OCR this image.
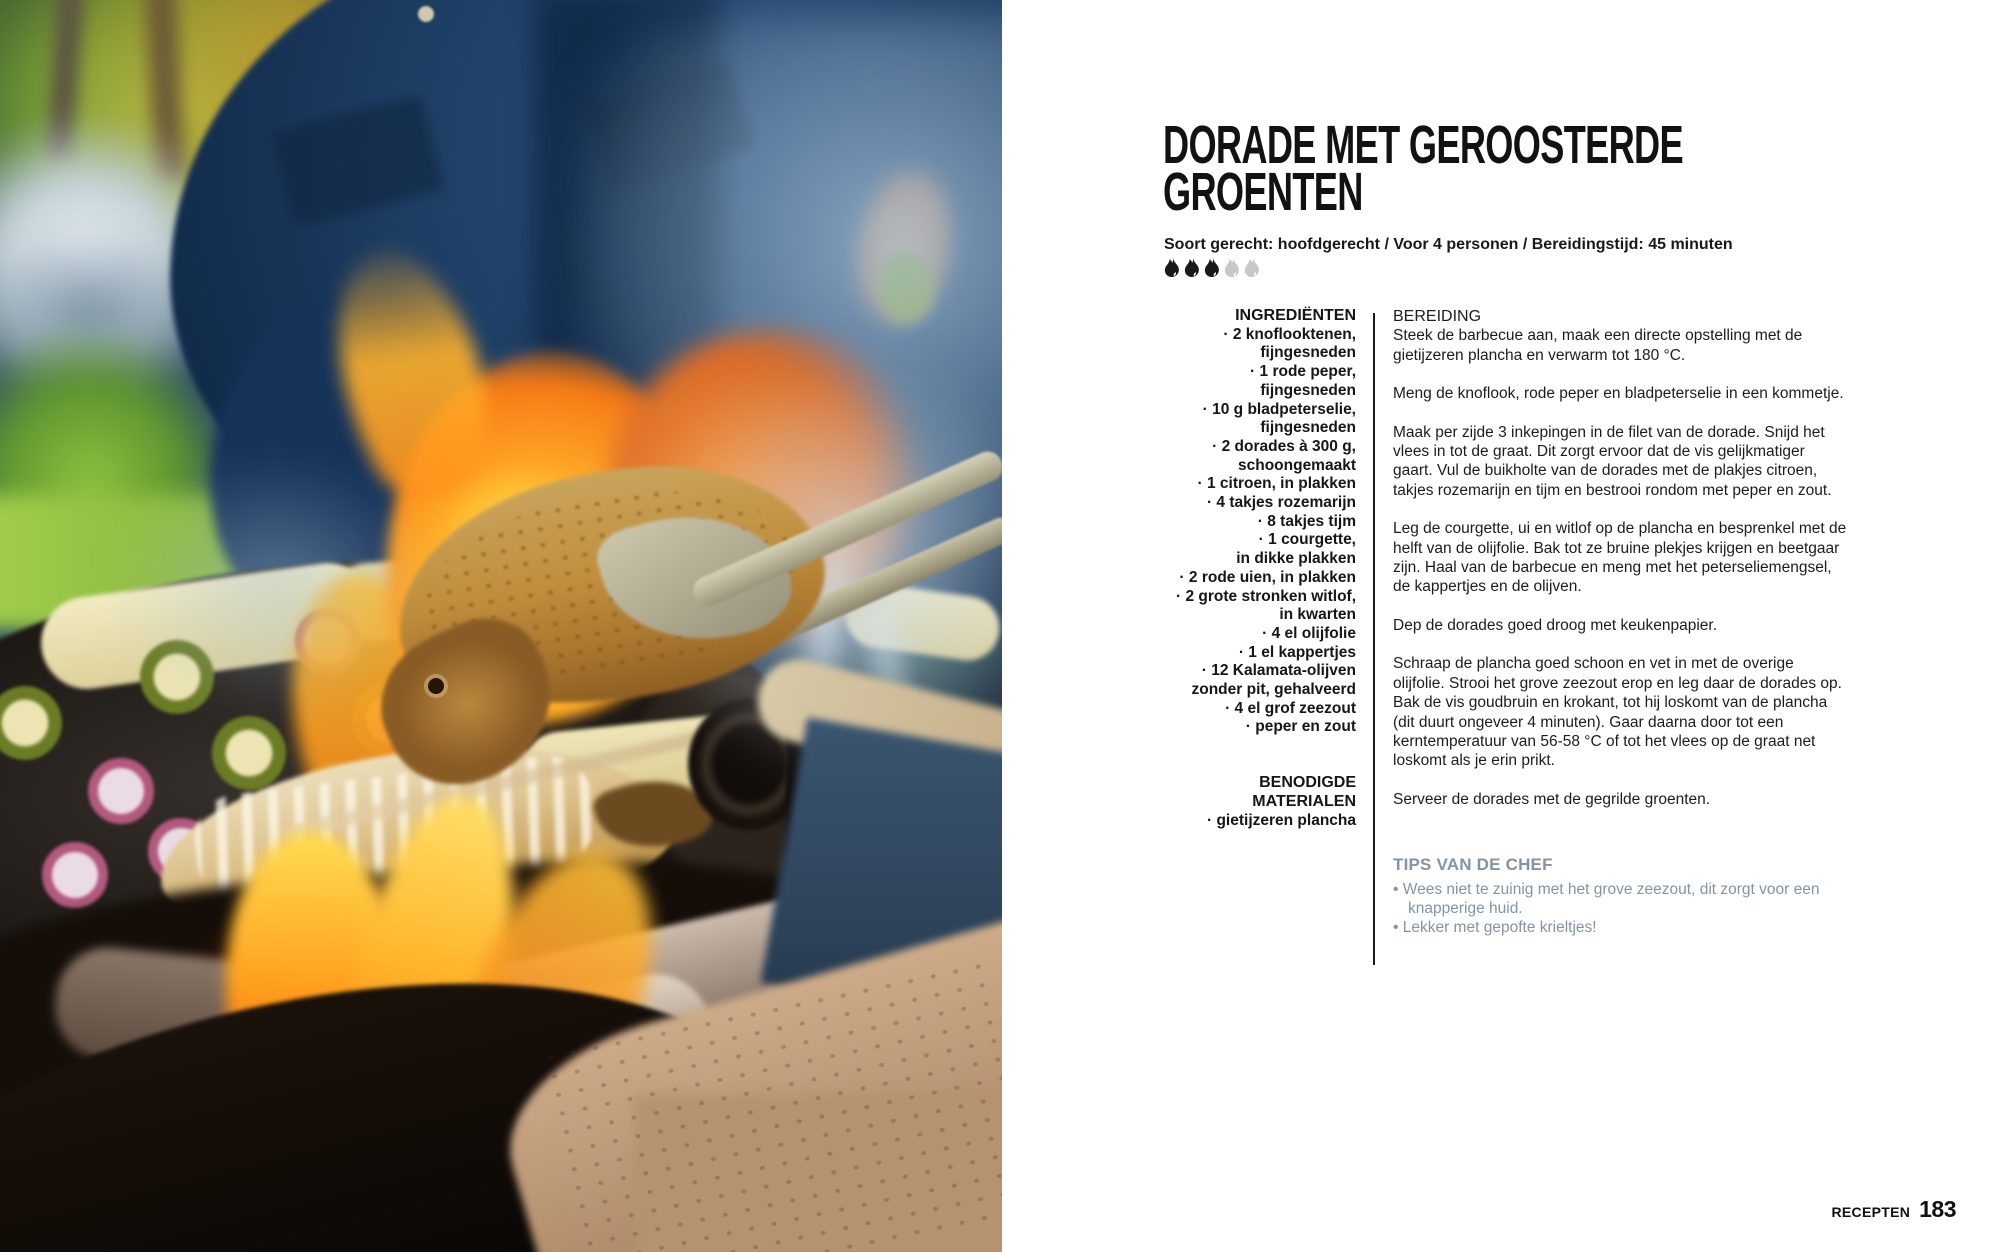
DORADE MET GEROOSTERDE
GROENTEN
Soort gerecht: hoofdgerecht / Voor 4 personen / Bereidingstijd: 45 minuten
INGREDIËNTEN
· 2 knoflooktenen,
fijngesneden
· 1 rode peper,
fijngesneden
· 10 g bladpeterselie,
fijngesneden
· 2 dorades à 300 g,
schoongemaakt
· 1 citroen, in plakken
· 4 takjes rozemarijn
· 8 takjes tijm
· 1 courgette,
in dikke plakken
· 2 rode uien, in plakken
· 2 grote stronken witlof,
in kwarten
· 4 el olijfolie
· 1 el kappertjes
· 12 Kalamata-olijven
zonder pit, gehalveerd
· 4 el grof zeezout
· peper en zout
BENODIGDE
MATERIALEN
· gietijzeren plancha
BEREIDING
Steek de barbecue aan, maak een directe opstelling met de gietijzeren plancha en verwarm tot 180 °C.
Meng de knoflook, rode peper en bladpeterselie in een kommetje.
Maak per zijde 3 inkepingen in de filet van de dorade. Snijd het vlees in tot de graat. Dit zorgt ervoor dat de vis gelijkmatiger gaart. Vul de buikholte van de dorades met de plakjes citroen, takjes rozemarijn en tijm en bestrooi rondom met peper en zout.
Leg de courgette, ui en witlof op de plancha en besprenkel met de helft van de olijfolie. Bak tot ze bruine plekjes krijgen en beetgaar zijn. Haal van de barbecue en meng met het peterseliemengsel, de kappertjes en de olijven.
Dep de dorades goed droog met keukenpapier.
Schraap de plancha goed schoon en vet in met de overige olijfolie. Strooi het grove zeezout erop en leg daar de dorades op. Bak de vis goudbruin en krokant, tot hij loskomt van de plancha (dit duurt ongeveer 4 minuten). Gaar daarna door tot een kerntemperatuur van 56-58 °C of tot het vlees op de graat net loskomt als je erin prikt.
Serveer de dorades met de gegrilde groenten.
TIPS VAN DE CHEF
• Wees niet te zuinig met het grove zeezout, dit zorgt voor een knapperige huid.
• Lekker met gepofte krieltjes!
RECEPTEN 183
